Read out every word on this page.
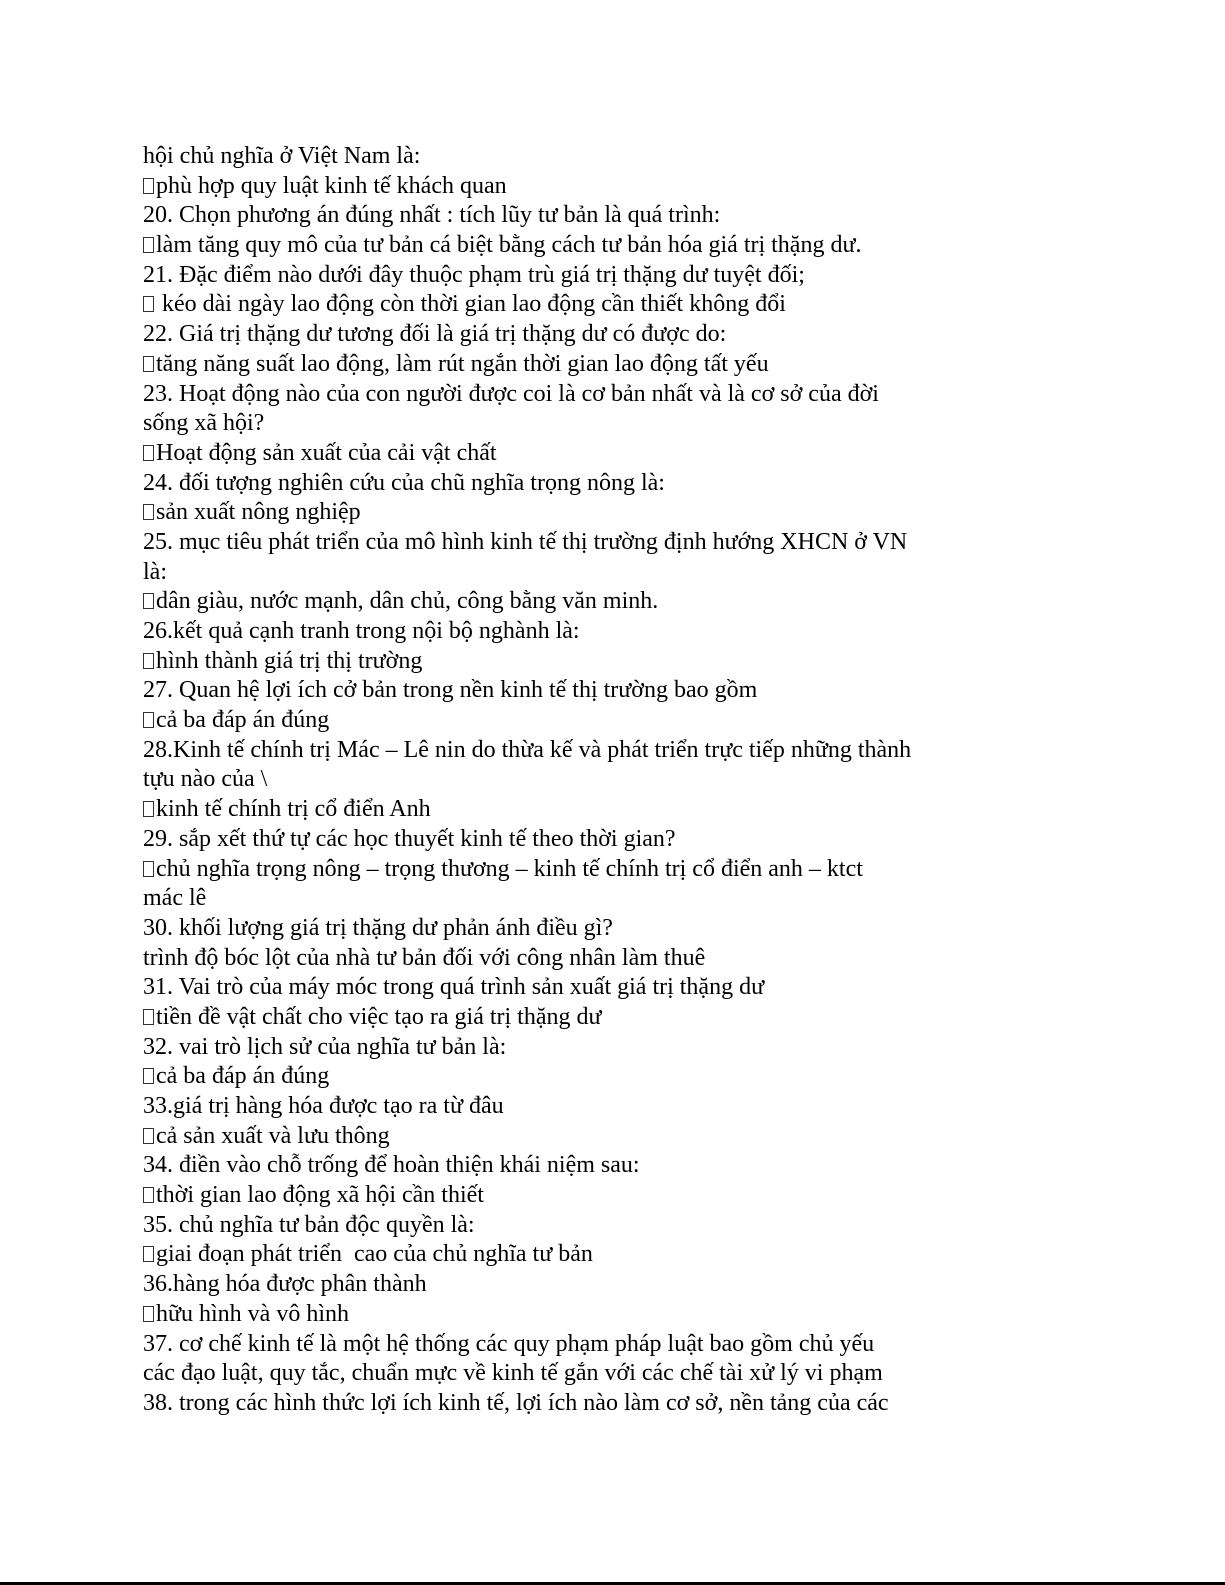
hội chủ nghĩa ở Việt Nam là:
phù hợp quy luật kinh tế khách quan
20. Chọn phương án đúng nhất : tích lũy tư bản là quá trình:
làm tăng quy mô của tư bản cá biệt bằng cách tư bản hóa giá trị thặng dư.
21. Đặc điểm nào dưới đây thuộc phạm trù giá trị thặng dư tuyệt đối;
kéo dài ngày lao động còn thời gian lao động cần thiết không đổi
22. Giá trị thặng dư tương đối là giá trị thặng dư có được do:
tăng năng suất lao động, làm rút ngắn thời gian lao động tất yếu
23. Hoạt động nào của con người được coi là cơ bản nhất và là cơ sở của đời
sống xã hội?
Hoạt động sản xuất của cải vật chất
24. đối tượng nghiên cứu của chũ nghĩa trọng nông là:
sản xuất nông nghiệp
25. mục tiêu phát triển của mô hình kinh tế thị trường định hướng XHCN ở VN
là:
dân giàu, nước mạnh, dân chủ, công bằng văn minh.
26.kết quả cạnh tranh trong nội bộ nghành là:
hình thành giá trị thị trường
27. Quan hệ lợi ích cở bản trong nền kinh tế thị trường bao gồm
cả ba đáp án đúng
28.Kinh tế chính trị Mác – Lê nin do thừa kế và phát triển trực tiếp những thành
tựu nào của \
kinh tế chính trị cổ điển Anh
29. sắp xết thứ tự các học thuyết kinh tế theo thời gian?
chủ nghĩa trọng nông – trọng thương – kinh tế chính trị cổ điển anh – ktct
mác lê
30. khối lượng giá trị thặng dư phản ánh điều gì?
trình độ bóc lột của nhà tư bản đối với công nhân làm thuê
31. Vai trò của máy móc trong quá trình sản xuất giá trị thặng dư
tiền đề vật chất cho việc tạo ra giá trị thặng dư
32. vai trò lịch sử của nghĩa tư bản là:
cả ba đáp án đúng
33.giá trị hàng hóa được tạo ra từ đâu
cả sản xuất và lưu thông
34. điền vào chỗ trống để hoàn thiện khái niệm sau:
thời gian lao động xã hội cần thiết
35. chủ nghĩa tư bản độc quyền là:
giai đoạn phát triển  cao của chủ nghĩa tư bản
36.hàng hóa được phân thành
hữu hình và vô hình
37. cơ chế kinh tế là một hệ thống các quy phạm pháp luật bao gồm chủ yếu
các đạo luật, quy tắc, chuẩn mực về kinh tế gắn với các chế tài xử lý vi phạm
38. trong các hình thức lợi ích kinh tế, lợi ích nào làm cơ sở, nền tảng của các
